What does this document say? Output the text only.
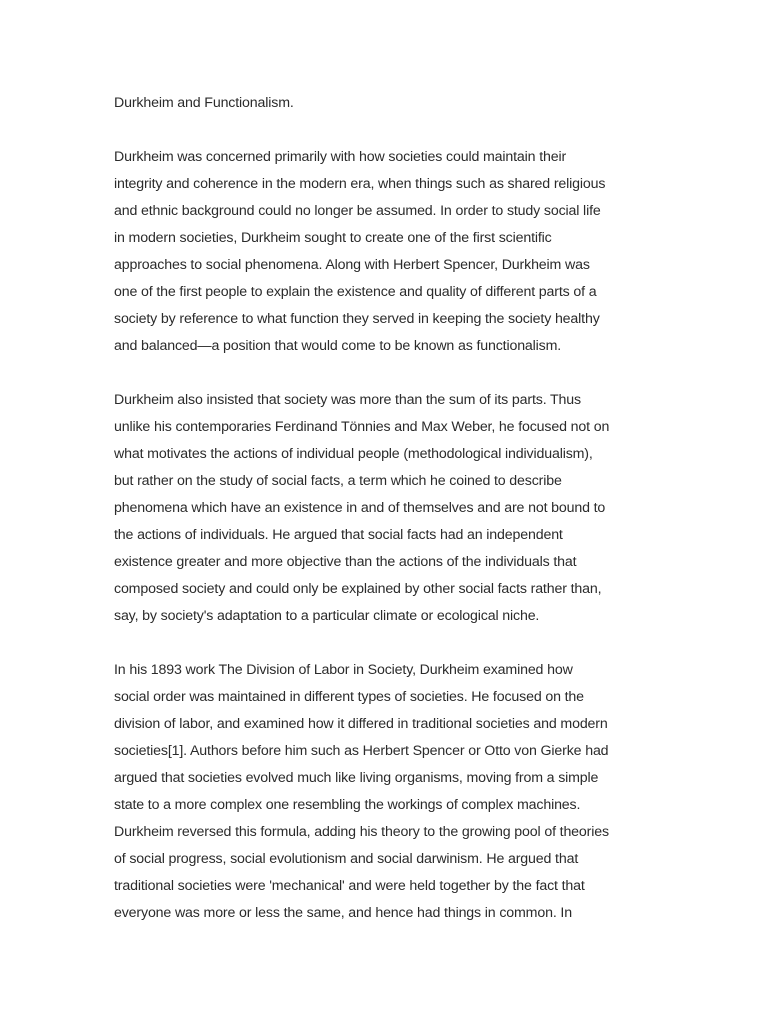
Durkheim and Functionalism.
Durkheim was concerned primarily with how societies could maintain their
integrity and coherence in the modern era, when things such as shared religious
and ethnic background could no longer be assumed. In order to study social life
in modern societies, Durkheim sought to create one of the first scientific
approaches to social phenomena. Along with Herbert Spencer, Durkheim was
one of the first people to explain the existence and quality of different parts of a
society by reference to what function they served in keeping the society healthy
and balanced—a position that would come to be known as functionalism.
Durkheim also insisted that society was more than the sum of its parts. Thus
unlike his contemporaries Ferdinand Tönnies and Max Weber, he focused not on
what motivates the actions of individual people (methodological individualism),
but rather on the study of social facts, a term which he coined to describe
phenomena which have an existence in and of themselves and are not bound to
the actions of individuals. He argued that social facts had an independent
existence greater and more objective than the actions of the individuals that
composed society and could only be explained by other social facts rather than,
say, by society's adaptation to a particular climate or ecological niche.
In his 1893 work The Division of Labor in Society, Durkheim examined how
social order was maintained in different types of societies. He focused on the
division of labor, and examined how it differed in traditional societies and modern
societies[1]. Authors before him such as Herbert Spencer or Otto von Gierke had
argued that societies evolved much like living organisms, moving from a simple
state to a more complex one resembling the workings of complex machines.
Durkheim reversed this formula, adding his theory to the growing pool of theories
of social progress, social evolutionism and social darwinism. He argued that
traditional societies were 'mechanical' and were held together by the fact that
everyone was more or less the same, and hence had things in common. In
